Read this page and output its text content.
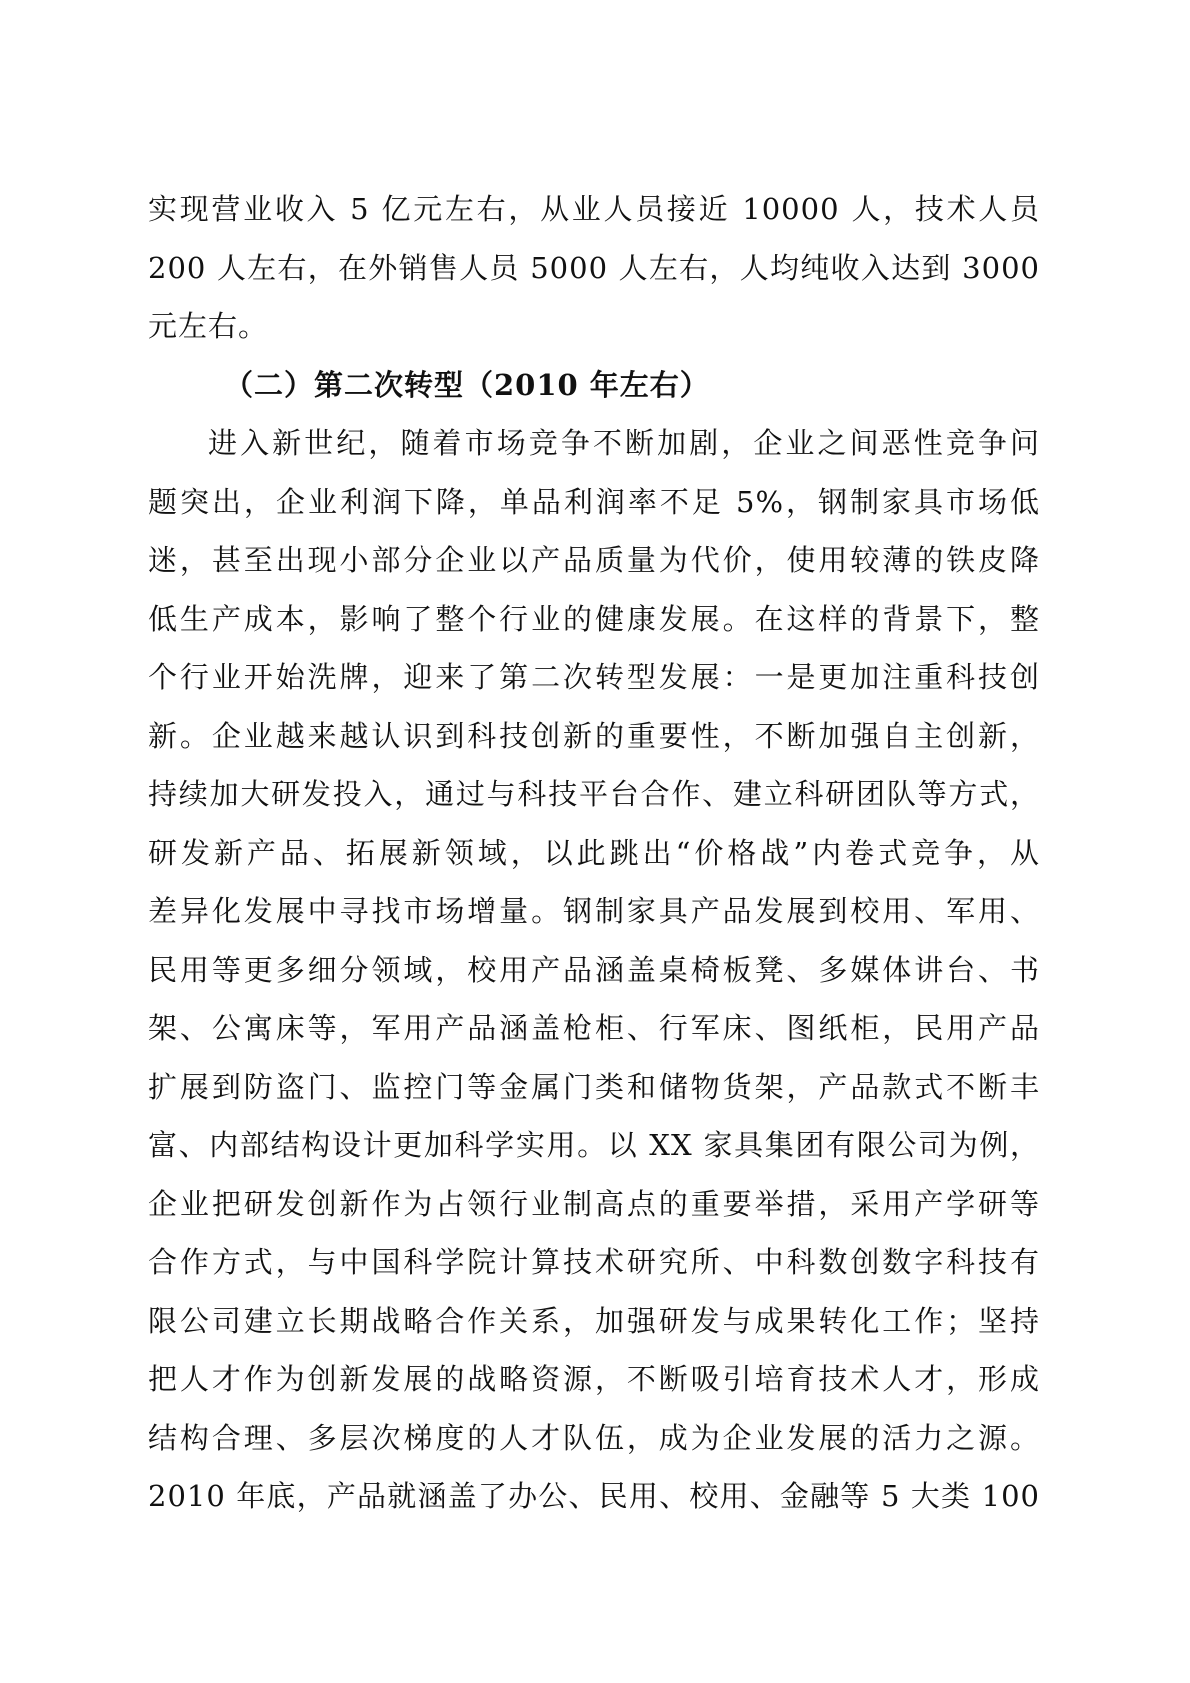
实现营业收入 5 亿元左右，从业人员接近 10000 人，技术人员
200 人左右，在外销售人员 5000 人左右，人均纯收入达到 3000
元左右。
（二）第二次转型（2010 年左右）
进入新世纪，随着市场竞争不断加剧，企业之间恶性竞争问
题突出，企业利润下降，单品利润率不足 5%，钢制家具市场低
迷，甚至出现小部分企业以产品质量为代价，使用较薄的铁皮降
低生产成本，影响了整个行业的健康发展。在这样的背景下，整
个行业开始洗牌，迎来了第二次转型发展：一是更加注重科技创
新。企业越来越认识到科技创新的重要性，不断加强自主创新，
持续加大研发投入，通过与科技平台合作、建立科研团队等方式，
研发新产品、拓展新领域，以此跳出“价格战”内卷式竞争，从
差异化发展中寻找市场增量。钢制家具产品发展到校用、军用、
民用等更多细分领域，校用产品涵盖桌椅板凳、多媒体讲台、书
架、公寓床等，军用产品涵盖枪柜、行军床、图纸柜，民用产品
扩展到防盗门、监控门等金属门类和储物货架，产品款式不断丰
富、内部结构设计更加科学实用。以 XX 家具集团有限公司为例，
企业把研发创新作为占领行业制高点的重要举措，采用产学研等
合作方式，与中国科学院计算技术研究所、中科数创数字科技有
限公司建立长期战略合作关系，加强研发与成果转化工作；坚持
把人才作为创新发展的战略资源，不断吸引培育技术人才，形成
结构合理、多层次梯度的人才队伍，成为企业发展的活力之源。
2010 年底，产品就涵盖了办公、民用、校用、金融等 5 大类 100
